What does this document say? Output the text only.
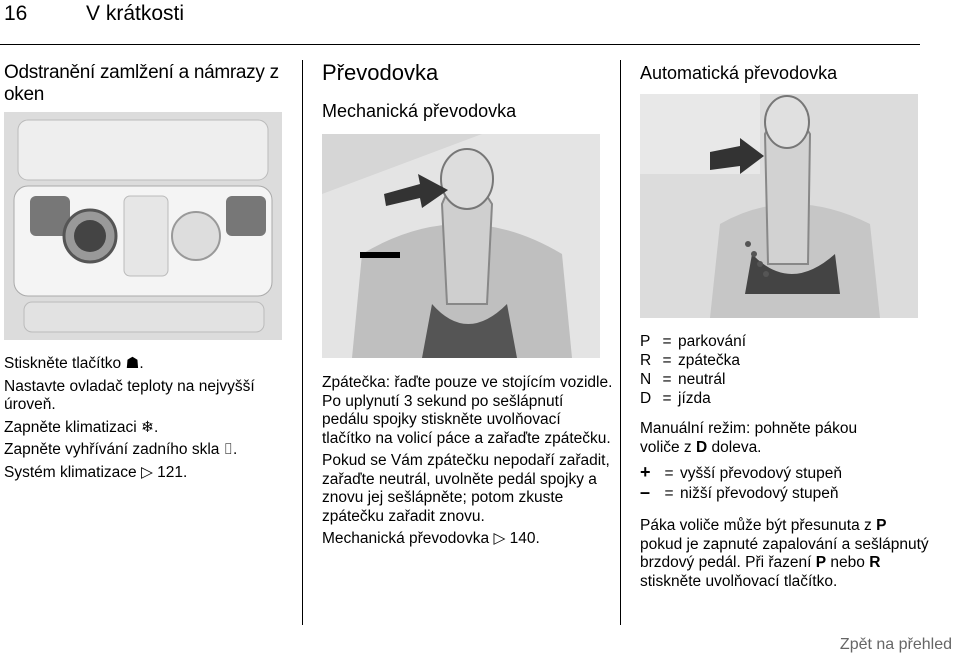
16	V krátkosti
Odstranění zamlžení a námrazy z oken

Stiskněte tlačítko ☗.

Nastavte ovladač teploty na nejvyšší úroveň.

Zapněte klimatizaci ❄.

Zapněte vyhřívání zadního skla ⌷.

Systém klimatizace ▷ 121.

Převodovka
Mechanická převodovka

Zpátečka: řaďte pouze ve stojícím vozidle. Po uplynutí 3 sekund po sešlápnutí pedálu spojky stiskněte uvolňovací tlačítko na volicí páce a zařaďte zpátečku.

Pokud se Vám zpátečku nepodaří zařadit, zařaďte neutrál, uvolněte pedál spojky a znovu jej sešlápněte; potom zkuste zpátečku zařadit znovu.

Mechanická převodovka ▷ 140.

Automatická převodovka
P = parkování
R = zpátečka
N = neutrál
D = jízda
Manuální režim: pohněte pákou
voliče z D doleva.
+ = vyšší převodový stupeň
– = nižší převodový stupeň
Páka voliče může být přesunuta z P pokud je zapnuté zapalování a sešlápnutý brzdový pedál. Při řazení P nebo R stiskněte uvolňovací tlačítko.
Zpět na přehled
